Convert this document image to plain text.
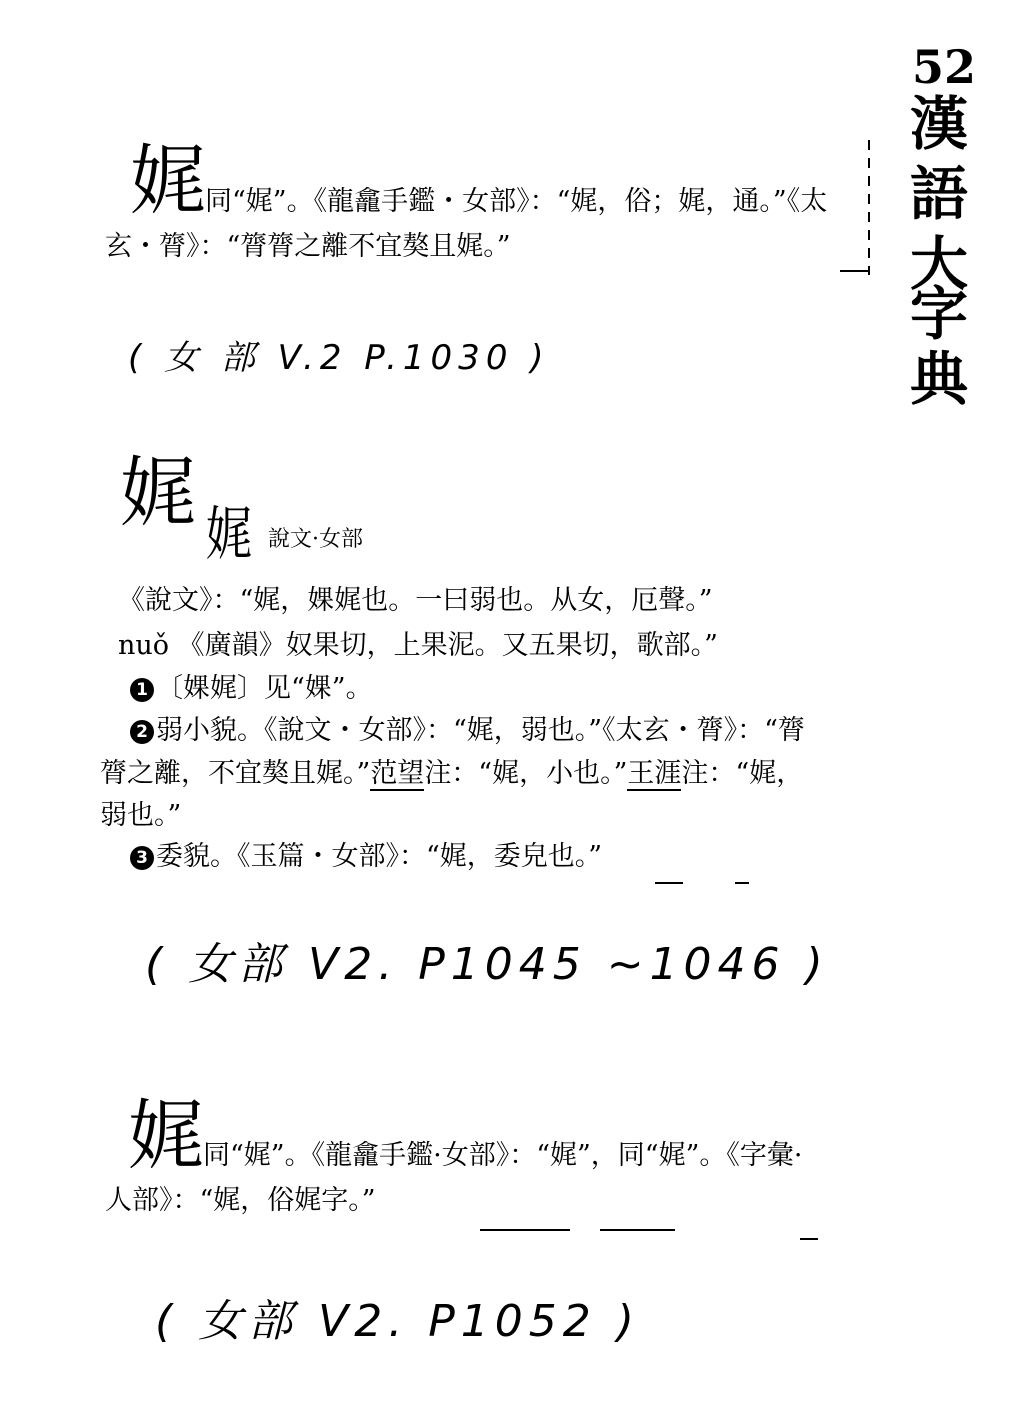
52
漢
語
大
字
典
娓 同“娓”。《龍龕手鑑・女部》：“娓，俗；娓，通。”《太
玄・膂》：“膂膂之離不宜獒且娓。”
( 女 部 V.2 P.1030 )
娓 娓 說文·女部
《說文》：“娓，婐娓也。一曰弱也。从女，厄聲。”
nuǒ 《廣韻》奴果切，上果泥。又五果切，歌部。”
1 〔婐娓〕见“婐”。
2 弱小貌。《說文・女部》：“娓，弱也。”《太玄・膂》：“膂
膂之離，不宜獒且娓。”范望注：“娓，小也。”王涯注：“娓，
弱也。”
3 委貌。《玉篇・女部》：“娓，委皃也。”
( 女部 V2. P1045 ~1046 )
娓 同“娓”。《龍龕手鑑·女部》：“娓”，同“娓”。《字彙·
人部》：“娓，俗娓字。”
( 女部 V2. P1052 )
